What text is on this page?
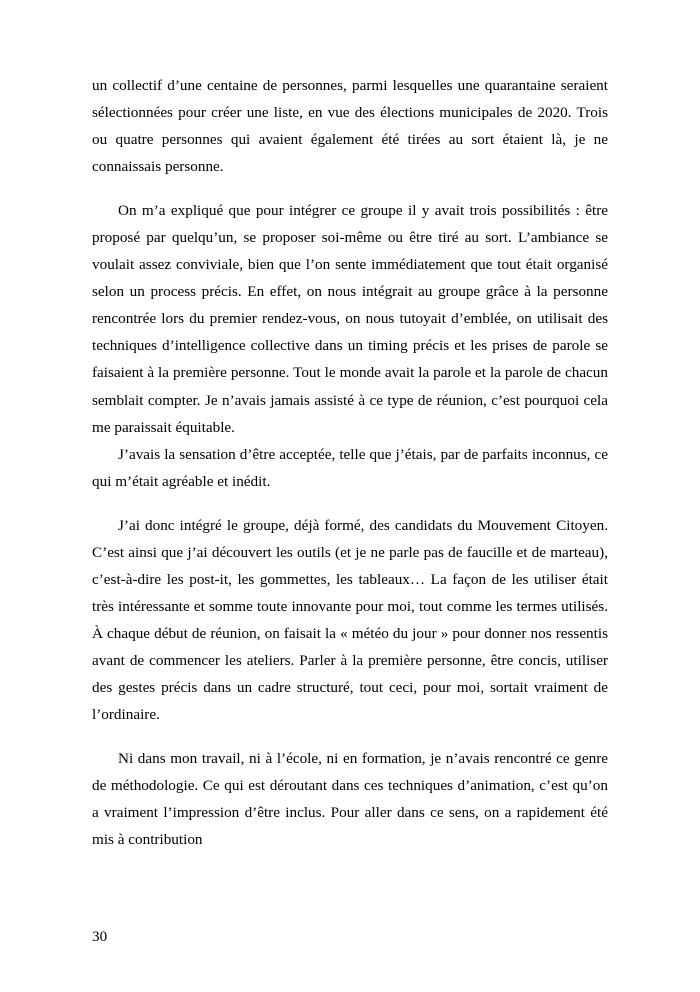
un collectif d’une centaine de personnes, parmi lesquelles une quarantaine seraient sélectionnées pour créer une liste, en vue des élections municipales de 2020. Trois ou quatre personnes qui avaient également été tirées au sort étaient là, je ne connaissais personne.

On m’a expliqué que pour intégrer ce groupe il y avait trois possibilités : être proposé par quelqu’un, se proposer soi-même ou être tiré au sort. L’ambiance se voulait assez conviviale, bien que l’on sente immédiatement que tout était organisé selon un process précis. En effet, on nous intégrait au groupe grâce à la personne rencontrée lors du premier rendez-vous, on nous tutoyait d’emblée, on utilisait des techniques d’intelligence collective dans un timing précis et les prises de parole se faisaient à la première personne. Tout le monde avait la parole et la parole de chacun semblait compter. Je n’avais jamais assisté à ce type de réunion, c’est pourquoi cela me paraissait équitable.

J’avais la sensation d’être acceptée, telle que j’étais, par de parfaits inconnus, ce qui m’était agréable et inédit.

J’ai donc intégré le groupe, déjà formé, des candidats du Mouvement Citoyen. C’est ainsi que j’ai découvert les outils (et je ne parle pas de faucille et de marteau), c’est-à-dire les post-it, les gommettes, les tableaux… La façon de les utiliser était très intéressante et somme toute innovante pour moi, tout comme les termes utilisés. À chaque début de réunion, on faisait la « météo du jour » pour donner nos ressentis avant de commencer les ateliers. Parler à la première personne, être concis, utiliser des gestes précis dans un cadre structuré, tout ceci, pour moi, sortait vraiment de l’ordinaire.

Ni dans mon travail, ni à l’école, ni en formation, je n’avais rencontré ce genre de méthodologie. Ce qui est déroutant dans ces techniques d’animation, c’est qu’on a vraiment l’impression d’être inclus. Pour aller dans ce sens, on a rapidement été mis à contribution

30
